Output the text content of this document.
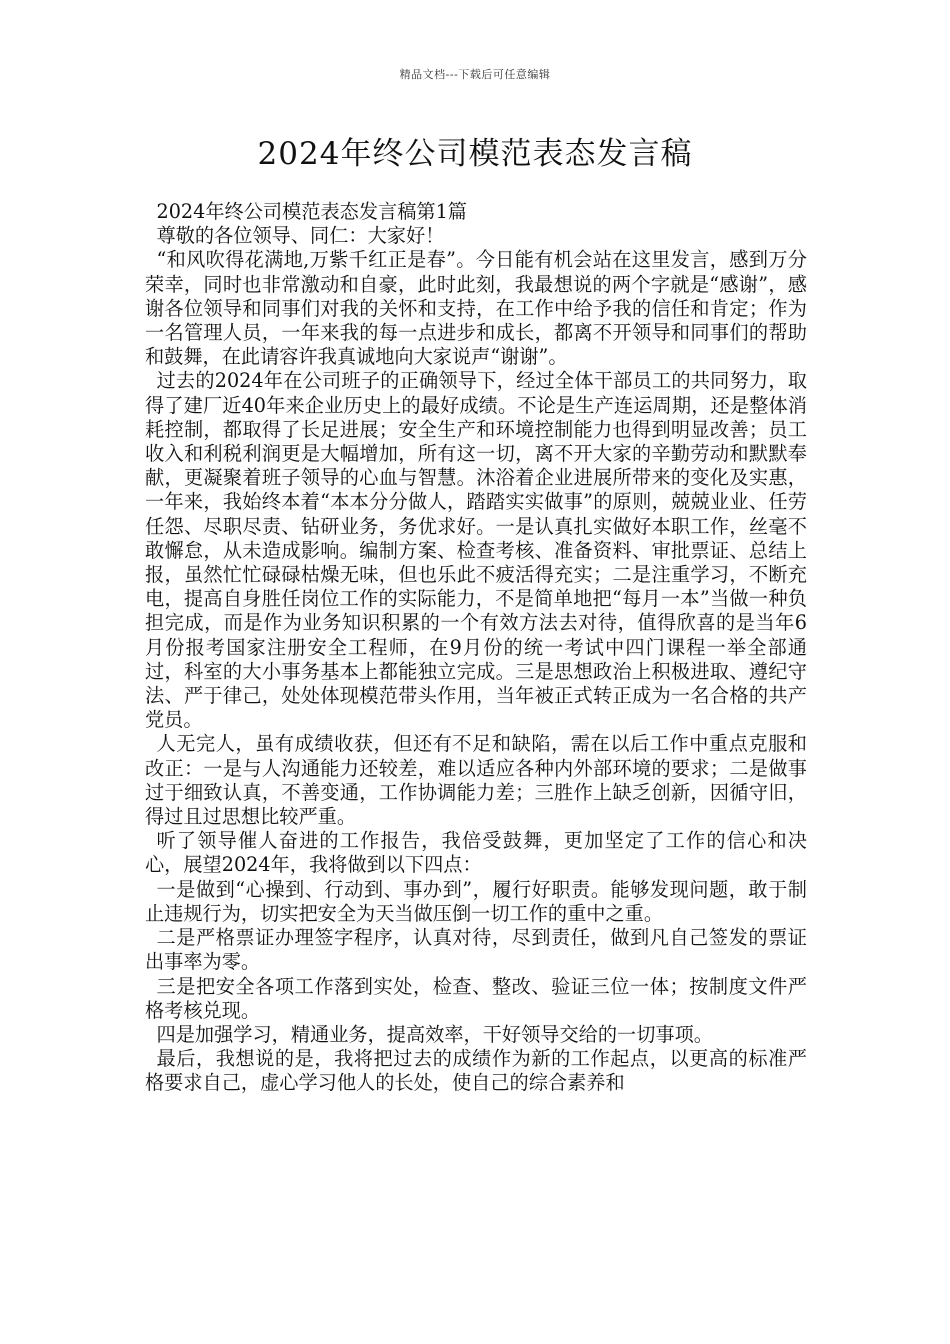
精品文档---下载后可任意编辑
2024年终公司模范表态发言稿

2024年终公司模范表态发言稿第1篇

尊敬的各位领导、同仁：大家好！

“和风吹得花满地,万紫千红正是春”。今日能有机会站在这里发言，感到万分荣幸，同时也非常激动和自豪，此时此刻，我最想说的两个字就是“感谢”，感谢各位领导和同事们对我的关怀和支持，在工作中给予我的信任和肯定；作为一名管理人员，一年来我的每一点进步和成长，都离不开领导和同事们的帮助和鼓舞，在此请容许我真诚地向大家说声“谢谢”。

过去的2024年在公司班子的正确领导下，经过全体干部员工的共同努力，取得了建厂近40年来企业历史上的最好成绩。不论是生产连运周期，还是整体消耗控制，都取得了长足进展；安全生产和环境控制能力也得到明显改善；员工收入和利税利润更是大幅增加，所有这一切，离不开大家的辛勤劳动和默默奉献，更凝聚着班子领导的心血与智慧。沐浴着企业进展所带来的变化及实惠，一年来，我始终本着“本本分分做人，踏踏实实做事”的原则，兢兢业业、任劳任怨、尽职尽责、钻研业务，务优求好。一是认真扎实做好本职工作，丝毫不敢懈怠，从未造成影响。编制方案、检查考核、准备资料、审批票证、总结上报，虽然忙忙碌碌枯燥无味，但也乐此不疲活得充实；二是注重学习，不断充电，提高自身胜任岗位工作的实际能力，不是简单地把“每月一本”当做一种负担完成，而是作为业务知识积累的一个有效方法去对待，值得欣喜的是当年6月份报考国家注册安全工程师，在9月份的统一考试中四门课程一举全部通过，科室的大小事务基本上都能独立完成。三是思想政治上积极进取、遵纪守法、严于律己，处处体现模范带头作用，当年被正式转正成为一名合格的共产党员。

人无完人，虽有成绩收获，但还有不足和缺陷，需在以后工作中重点克服和改正：一是与人沟通能力还较差，难以适应各种内外部环境的要求；二是做事过于细致认真，不善变通，工作协调能力差；三胜作上缺乏创新，因循守旧，得过且过思想比较严重。

听了领导催人奋进的工作报告，我倍受鼓舞，更加坚定了工作的信心和决心，展望2024年，我将做到以下四点：

一是做到“心操到、行动到、事办到”，履行好职责。能够发现问题，敢于制止违规行为，切实把安全为天当做压倒一切工作的重中之重。

二是严格票证办理签字程序，认真对待，尽到责任，做到凡自己签发的票证出事率为零。

三是把安全各项工作落到实处，检查、整改、验证三位一体；按制度文件严格考核兑现。

四是加强学习，精通业务，提高效率，干好领导交给的一切事项。

最后，我想说的是，我将把过去的成绩作为新的工作起点，以更高的标准严格要求自己，虚心学习他人的长处，使自己的综合素养和
